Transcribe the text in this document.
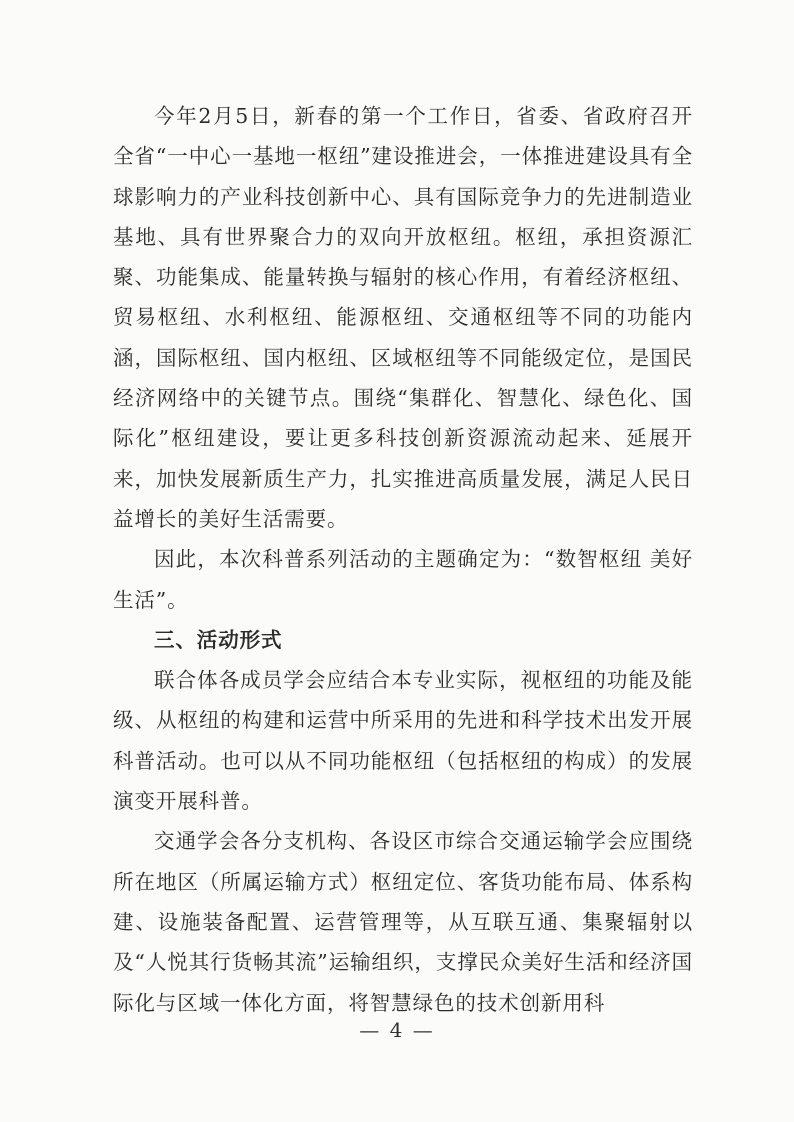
今年2月5日，新春的第一个工作日，省委、省政府召开全省“一中心一基地一枢纽”建设推进会，一体推进建设具有全球影响力的产业科技创新中心、具有国际竞争力的先进制造业基地、具有世界聚合力的双向开放枢纽。枢纽，承担资源汇聚、功能集成、能量转换与辐射的核心作用，有着经济枢纽、贸易枢纽、水利枢纽、能源枢纽、交通枢纽等不同的功能内涵，国际枢纽、国内枢纽、区域枢纽等不同能级定位，是国民经济网络中的关键节点。围绕“集群化、智慧化、绿色化、国际化”枢纽建设，要让更多科技创新资源流动起来、延展开来，加快发展新质生产力，扎实推进高质量发展，满足人民日益增长的美好生活需要。

因此，本次科普系列活动的主题确定为：“数智枢纽 美好生活”。

三、活动形式

联合体各成员学会应结合本专业实际，视枢纽的功能及能级、从枢纽的构建和运营中所采用的先进和科学技术出发开展科普活动。也可以从不同功能枢纽（包括枢纽的构成）的发展演变开展科普。

交通学会各分支机构、各设区市综合交通运输学会应围绕所在地区（所属运输方式）枢纽定位、客货功能布局、体系构建、设施装备配置、运营管理等，从互联互通、集聚辐射以及“人悦其行货畅其流”运输组织，支撑民众美好生活和经济国际化与区域一体化方面，将智慧绿色的技术创新用科

— 4 —
